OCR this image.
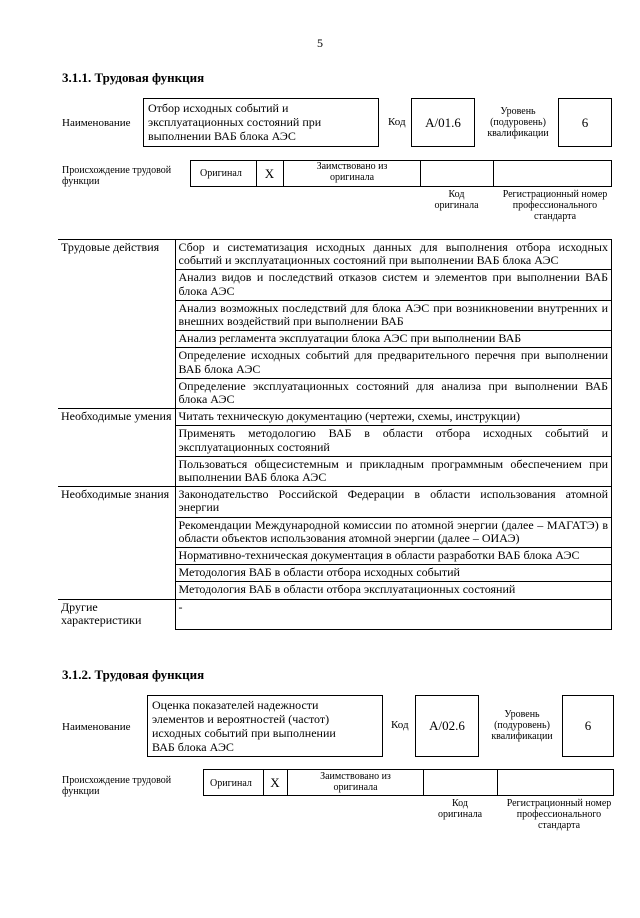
5
3.1.1. Трудовая функция
Наименование
Отбор исходных событий и
эксплуатационных состояний при
выполнении ВАБ блока АЭС
Код	А/01.6
Уровень
(подуровень)
квалификации
6
Происхождение трудовой
функции
Оригинал	X	Заимствовано из
оригинала
Код
оригинала
Регистрационный номер
профессионального
стандарта
Трудовые действия	Сбор и систематизация исходных данных для выполнения отбора исходных событий и эксплуатационных состояний при выполнении ВАБ блока АЭС
	Анализ видов и последствий отказов систем и элементов при выполнении ВАБ блока АЭС
	Анализ возможных последствий для блока АЭС при возникновении внутренних и внешних воздействий при выполнении ВАБ
	Анализ регламента эксплуатации блока АЭС при выполнении ВАБ
	Определение исходных событий для предварительного перечня при выполнении ВАБ блока АЭС
	Определение эксплуатационных состояний для анализа при выполнении ВАБ блока АЭС
Необходимые умения	Читать техническую документацию (чертежи, схемы, инструкции)
	Применять методологию ВАБ в области отбора исходных событий и эксплуатационных состояний
	Пользоваться общесистемным и прикладным программным обеспечением при выполнении ВАБ блока АЭС
Необходимые знания	Законодательство Российской Федерации в области использования атомной энергии
	Рекомендации Международной комиссии по атомной энергии (далее – МАГАТЭ) в области объектов использования атомной энергии (далее – ОИАЭ)
	Нормативно-техническая документация в области разработки ВАБ блока АЭС
	Методология ВАБ в области отбора исходных событий
	Методология ВАБ в области отбора эксплуатационных состояний
Другие характеристики	-
3.1.2. Трудовая функция
Наименование
Оценка показателей надежности
элементов и вероятностей (частот)
исходных событий при выполнении
ВАБ блока АЭС
Код	А/02.6
Уровень
(подуровень)
квалификации
6
Происхождение трудовой
функции
Оригинал	X	Заимствовано из
оригинала
Код
оригинала
Регистрационный номер
профессионального
стандарта
